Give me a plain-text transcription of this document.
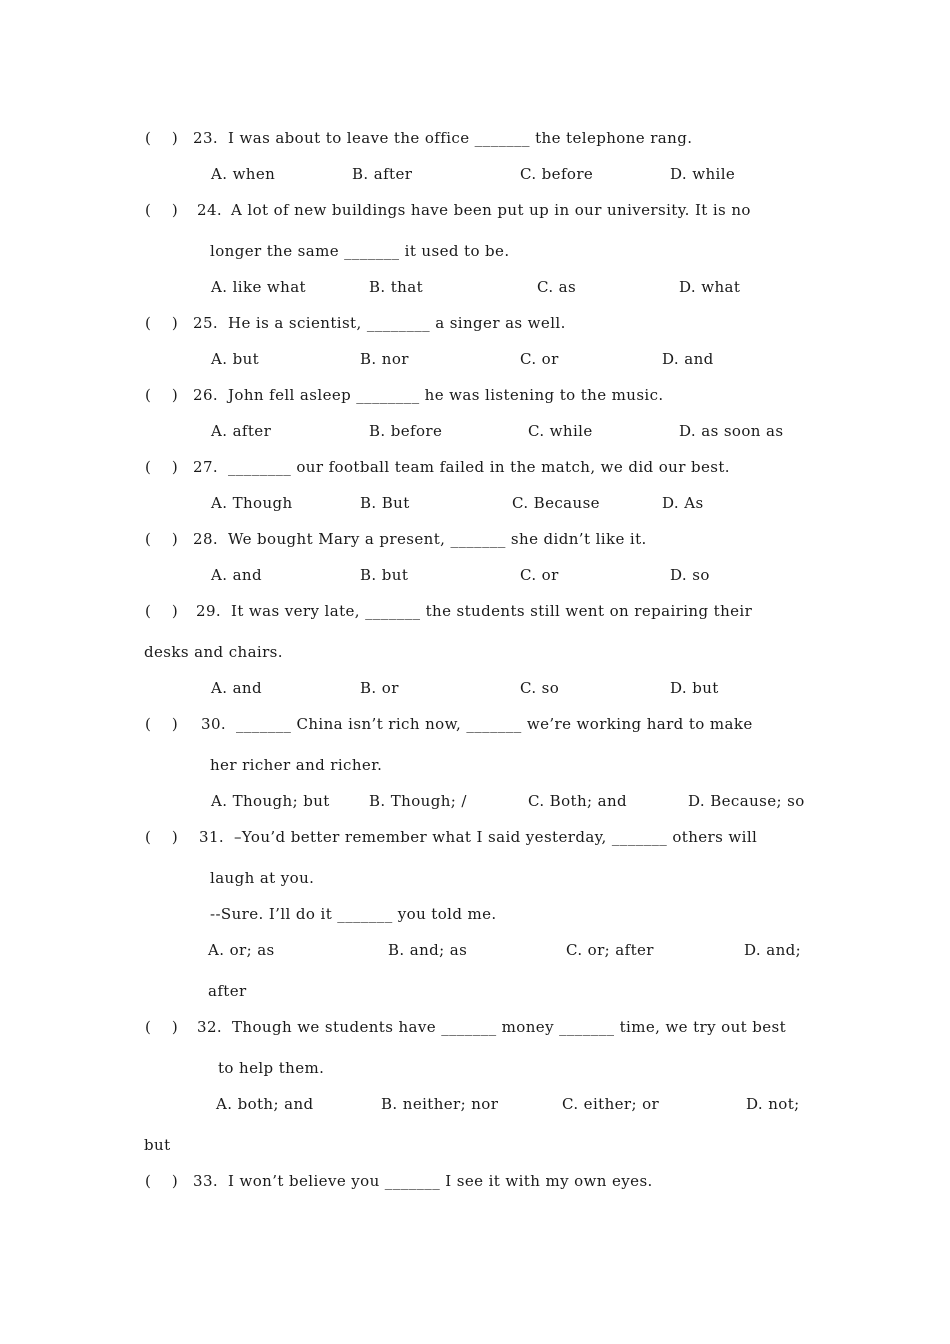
(    ) 23. I was about to leave the office _______ the telephone rang.
A. when	B. after	C. before	D. while
(    ) 24. A lot of new buildings have been put up in our university. It is no
longer the same _______ it used to be.
A. like what	B. that	C. as	D. what
(    ) 25. He is a scientist, ________ a singer as well.
A. but	B. nor	C. or	D. and
(    ) 26. John fell asleep ________ he was listening to the music.
A. after	B. before	C. while	D. as soon as
(    ) 27. ________ our football team failed in the match, we did our best.
A. Though	B. But	C. Because	D. As
(    ) 28. We bought Mary a present, _______ she didn’t like it.
A. and	B. but	C. or	D. so
(    ) 29. It was very late, _______ the students still went on repairing their
desks and chairs.
A. and	B. or	C. so	D. but
(    ) 30. _______ China isn’t rich now, _______ we’re working hard to make
her richer and richer.
A. Though; but	B. Though; /	C. Both; and	D. Because; so
(    ) 31. –You’d better remember what I said yesterday, _______ others will
laugh at you.
--Sure. I’ll do it _______ you told me.
A. or; as	B. and; as	C. or; after	D. and;
after
(    ) 32. Though we students have _______ money _______ time, we try out best
to help them.
A. both; and	B. neither; nor	C. either; or	D. not;
but
(    ) 33. I won’t believe you _______ I see it with my own eyes.
